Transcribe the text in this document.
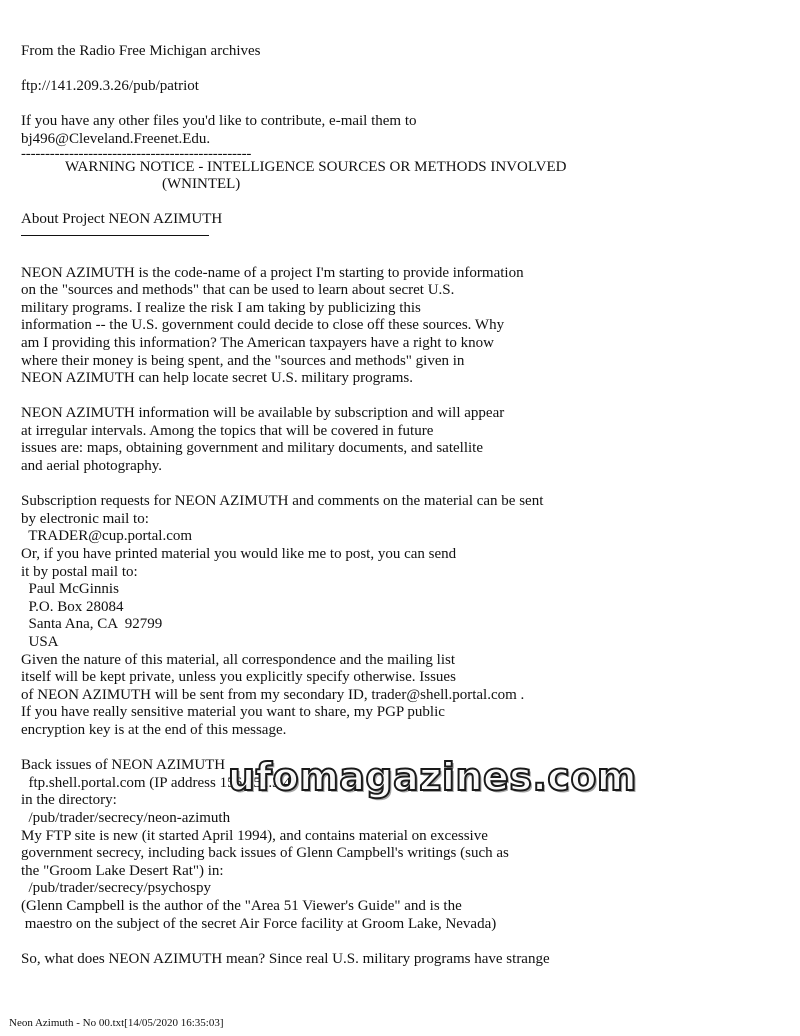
From the Radio Free Michigan archives
ftp://141.209.3.26/pub/patriot
If you have any other files you'd like to contribute, e-mail them to
bj496@Cleveland.Freenet.Edu.
------------------------------------------------
WARNING NOTICE - INTELLIGENCE SOURCES OR METHODS INVOLVED
(WNINTEL)
About Project NEON AZIMUTH
NEON AZIMUTH is the code-name of a project I'm starting to provide information
on the "sources and methods" that can be used to learn about secret U.S.
military programs. I realize the risk I am taking by publicizing this
information -- the U.S. government could decide to close off these sources. Why
am I providing this information? The American taxpayers have a right to know
where their money is being spent, and the "sources and methods" given in
NEON AZIMUTH can help locate secret U.S. military programs.
NEON AZIMUTH information will be available by subscription and will appear
at irregular intervals. Among the topics that will be covered in future
issues are: maps, obtaining government and military documents, and satellite
and aerial photography.
Subscription requests for NEON AZIMUTH and comments on the material can be sent
by electronic mail to:
TRADER@cup.portal.com
Or, if you have printed material you would like me to post, you can send
it by postal mail to:
Paul McGinnis
P.O. Box 28084
Santa Ana, CA  92799
USA
Given the nature of this material, all correspondence and the mailing list
itself will be kept private, unless you explicitly specify otherwise. Issues
of NEON AZIMUTH will be sent from my secondary ID, trader@shell.portal.com .
If you have really sensitive material you want to share, my PGP public
encryption key is at the end of this message.
Back issues of NEON AZIMUTH
ftp.shell.portal.com (IP address 156.151.3.4)
in the directory:
/pub/trader/secrecy/neon-azimuth
My FTP site is new (it started April 1994), and contains material on excessive
government secrecy, including back issues of Glenn Campbell's writings (such as
the "Groom Lake Desert Rat") in:
/pub/trader/secrecy/psychospy
(Glenn Campbell is the author of the "Area 51 Viewer's Guide" and is the
maestro on the subject of the secret Air Force facility at Groom Lake, Nevada)
So, what does NEON AZIMUTH mean? Since real U.S. military programs have strange
ufomagazines.com
Neon Azimuth - No 00.txt[14/05/2020 16:35:03]
